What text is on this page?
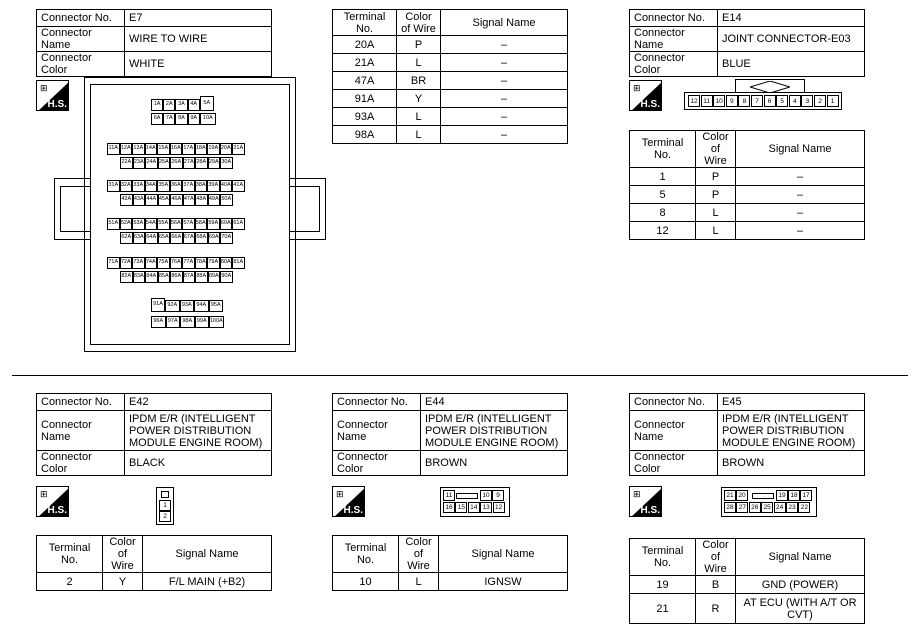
Connector No.	E7
Connector Name	WIRE TO WIRE
Connector Color	WHITE
⊞
H.S.	1A 2A 3A 4A	5A
6A 7A 8A 9A	10A
11A 12A 13A 14A 15A 16A 17A 18A 19A 20A 21A
22A 23A 24A 25A 26A 27A 28A 29A 30A
31A 32A 33A 34A 35A 36A 37A 38A 39A 40A 41A
42A 43A 44A 45A 46A 47A 48A 49A 50A
51A 52A 53A 54A 55A 56A 57A 58A 59A 60A 61A
62A 63A 64A 65A 66A 67A 68A 69A 70A
71A 72A 73A 74A 75A 76A 77A 78A 79A 80A 81A
82A 83A 84A 85A 86A 87A 88A 89A 90A
91A 92A 93A 94A 95A
96A 97A 98A 99A 100A
Terminal No.	Color of Wire	Signal Name
20A	P	–
21A	L	–
47A	BR	–
91A	Y	–
93A	L	–
98A	L	–
Connector No.	E14
Connector Name	JOINT CONNECTOR-E03
Connector Color	BLUE
⊞
H.S.	12 11 10	9	8	7	6	5	4	3	2	1
Terminal No.	Color of Wire	Signal Name
1	P	–
5	P	–
8	L	–
12	L	–
Connector No.	E42
Connector Name	IPDM E/R (INTELLIGENT POWER DISTRIBUTION MODULE ENGINE ROOM)
Connector Color	BLACK
⊞
H.S.	1
2
Terminal No.	Color of Wire	Signal Name
2	Y	F/L MAIN (+B2)
Connector No.	E44
Connector Name	IPDM E/R (INTELLIGENT POWER DISTRIBUTION MODULE ENGINE ROOM)
Connector Color	BROWN
⊞
H.S.
11	10	9
16 15 14 13 12
Terminal No.	Color of Wire	Signal Name
10	L	IGNSW
Connector No.	E45
Connector Name	IPDM E/R (INTELLIGENT POWER DISTRIBUTION MODULE ENGINE ROOM)
Connector Color	BROWN
⊞
H.S.
21 20	19 18 17
28 27 26 25 24 23 22
Terminal No.	Color of Wire	Signal Name
19	B	GND (POWER)
21	R	AT ECU (WITH A/T OR CVT)
